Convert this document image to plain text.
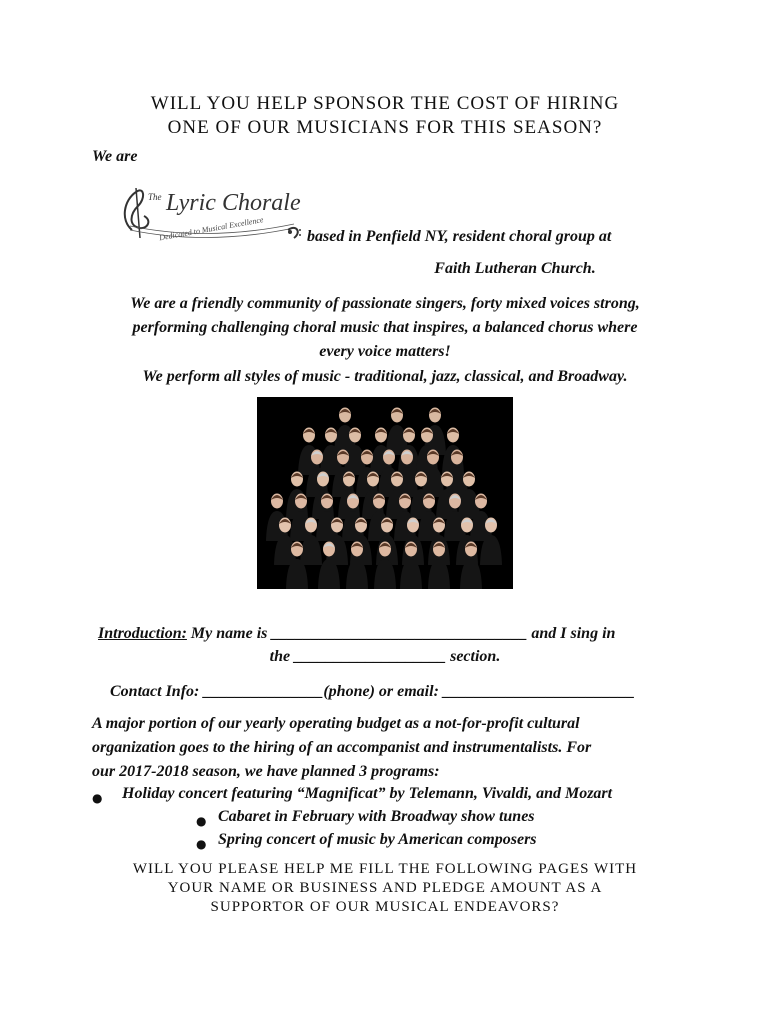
WILL YOU HELP SPONSOR THE COST OF HIRING
ONE OF OUR MUSICIANS FOR THIS SEASON?
We are
The Lyric Chorale
Dedicated to Musical Excellence	based in Penfield NY, resident choral group at
Faith Lutheran Church.
We are a friendly community of passionate singers, forty mixed voices strong,
performing challenging choral music that inspires, a balanced chorus where
every voice matters!
We perform all styles of music - traditional, jazz, classical, and Broadway.
Introduction: My name is ________________________________ and I sing in
the ___________________ section.
Contact Info: _______________(phone) or email: ________________________
A major portion of our yearly operating budget as a not-for-profit cultural
organization goes to the hiring of an accompanist and instrumentalists. For
our 2017-2018 season, we have planned 3 programs:
● Holiday concert featuring “Magnificat” by Telemann, Vivaldi, and Mozart
● Cabaret in February with Broadway show tunes
● Spring concert of music by American composers
WILL YOU PLEASE HELP ME FILL THE FOLLOWING PAGES WITH
YOUR NAME OR BUSINESS AND PLEDGE AMOUNT AS A
SUPPORTOR OF OUR MUSICAL ENDEAVORS?
